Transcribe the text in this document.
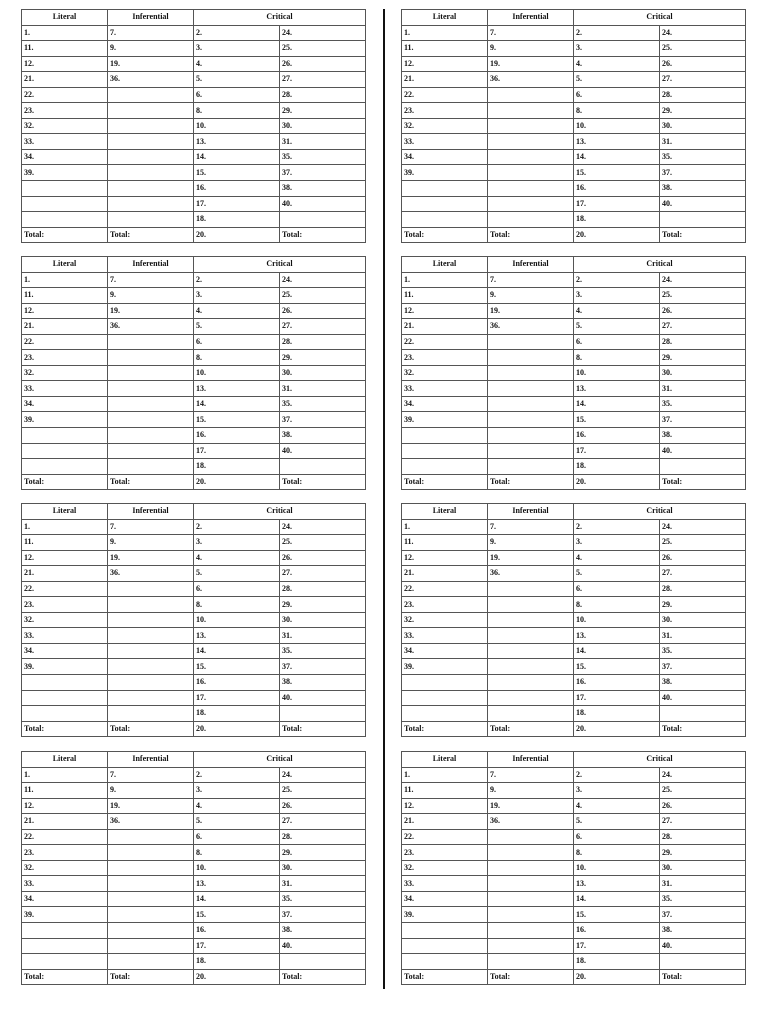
Literal	Inferential	Critical	
1.	7.	2.	24.
11.	9.	3.	25.
12.	19.	4.	26.
21.	36.	5.	27.
22.		6.	28.
23.		8.	29.
32.		10.	30.
33.		13.	31.
34.		14.	35.
39.		15.	37.
		16.	38.
		17.	40.
		18.	
Total:	Total:	20.	Total:
Literal	Inferential	Critical	
1.	7.	2.	24.
11.	9.	3.	25.
12.	19.	4.	26.
21.	36.	5.	27.
22.		6.	28.
23.		8.	29.
32.		10.	30.
33.		13.	31.
34.		14.	35.
39.		15.	37.
		16.	38.
		17.	40.
		18.	
Total:	Total:	20.	Total:
Literal	Inferential	Critical	
1.	7.	2.	24.
11.	9.	3.	25.
12.	19.	4.	26.
21.	36.	5.	27.
22.		6.	28.
23.		8.	29.
32.		10.	30.
33.		13.	31.
34.		14.	35.
39.		15.	37.
		16.	38.
		17.	40.
		18.	
Total:	Total:	20.	Total:
Literal	Inferential	Critical	
1.	7.	2.	24.
11.	9.	3.	25.
12.	19.	4.	26.
21.	36.	5.	27.
22.		6.	28.
23.		8.	29.
32.		10.	30.
33.		13.	31.
34.		14.	35.
39.		15.	37.
		16.	38.
		17.	40.
		18.	
Total:	Total:	20.	Total:
Literal	Inferential	Critical	
1.	7.	2.	24.
11.	9.	3.	25.
12.	19.	4.	26.
21.	36.	5.	27.
22.		6.	28.
23.		8.	29.
32.		10.	30.
33.		13.	31.
34.		14.	35.
39.		15.	37.
		16.	38.
		17.	40.
		18.	
Total:	Total:	20.	Total:
Literal	Inferential	Critical	
1.	7.	2.	24.
11.	9.	3.	25.
12.	19.	4.	26.
21.	36.	5.	27.
22.		6.	28.
23.		8.	29.
32.		10.	30.
33.		13.	31.
34.		14.	35.
39.		15.	37.
		16.	38.
		17.	40.
		18.	
Total:	Total:	20.	Total:
Literal	Inferential	Critical	
1.	7.	2.	24.
11.	9.	3.	25.
12.	19.	4.	26.
21.	36.	5.	27.
22.		6.	28.
23.		8.	29.
32.		10.	30.
33.		13.	31.
34.		14.	35.
39.		15.	37.
		16.	38.
		17.	40.
		18.	
Total:	Total:	20.	Total:
Literal	Inferential	Critical	
1.	7.	2.	24.
11.	9.	3.	25.
12.	19.	4.	26.
21.	36.	5.	27.
22.		6.	28.
23.		8.	29.
32.		10.	30.
33.		13.	31.
34.		14.	35.
39.		15.	37.
		16.	38.
		17.	40.
		18.	
Total:	Total:	20.	Total:
